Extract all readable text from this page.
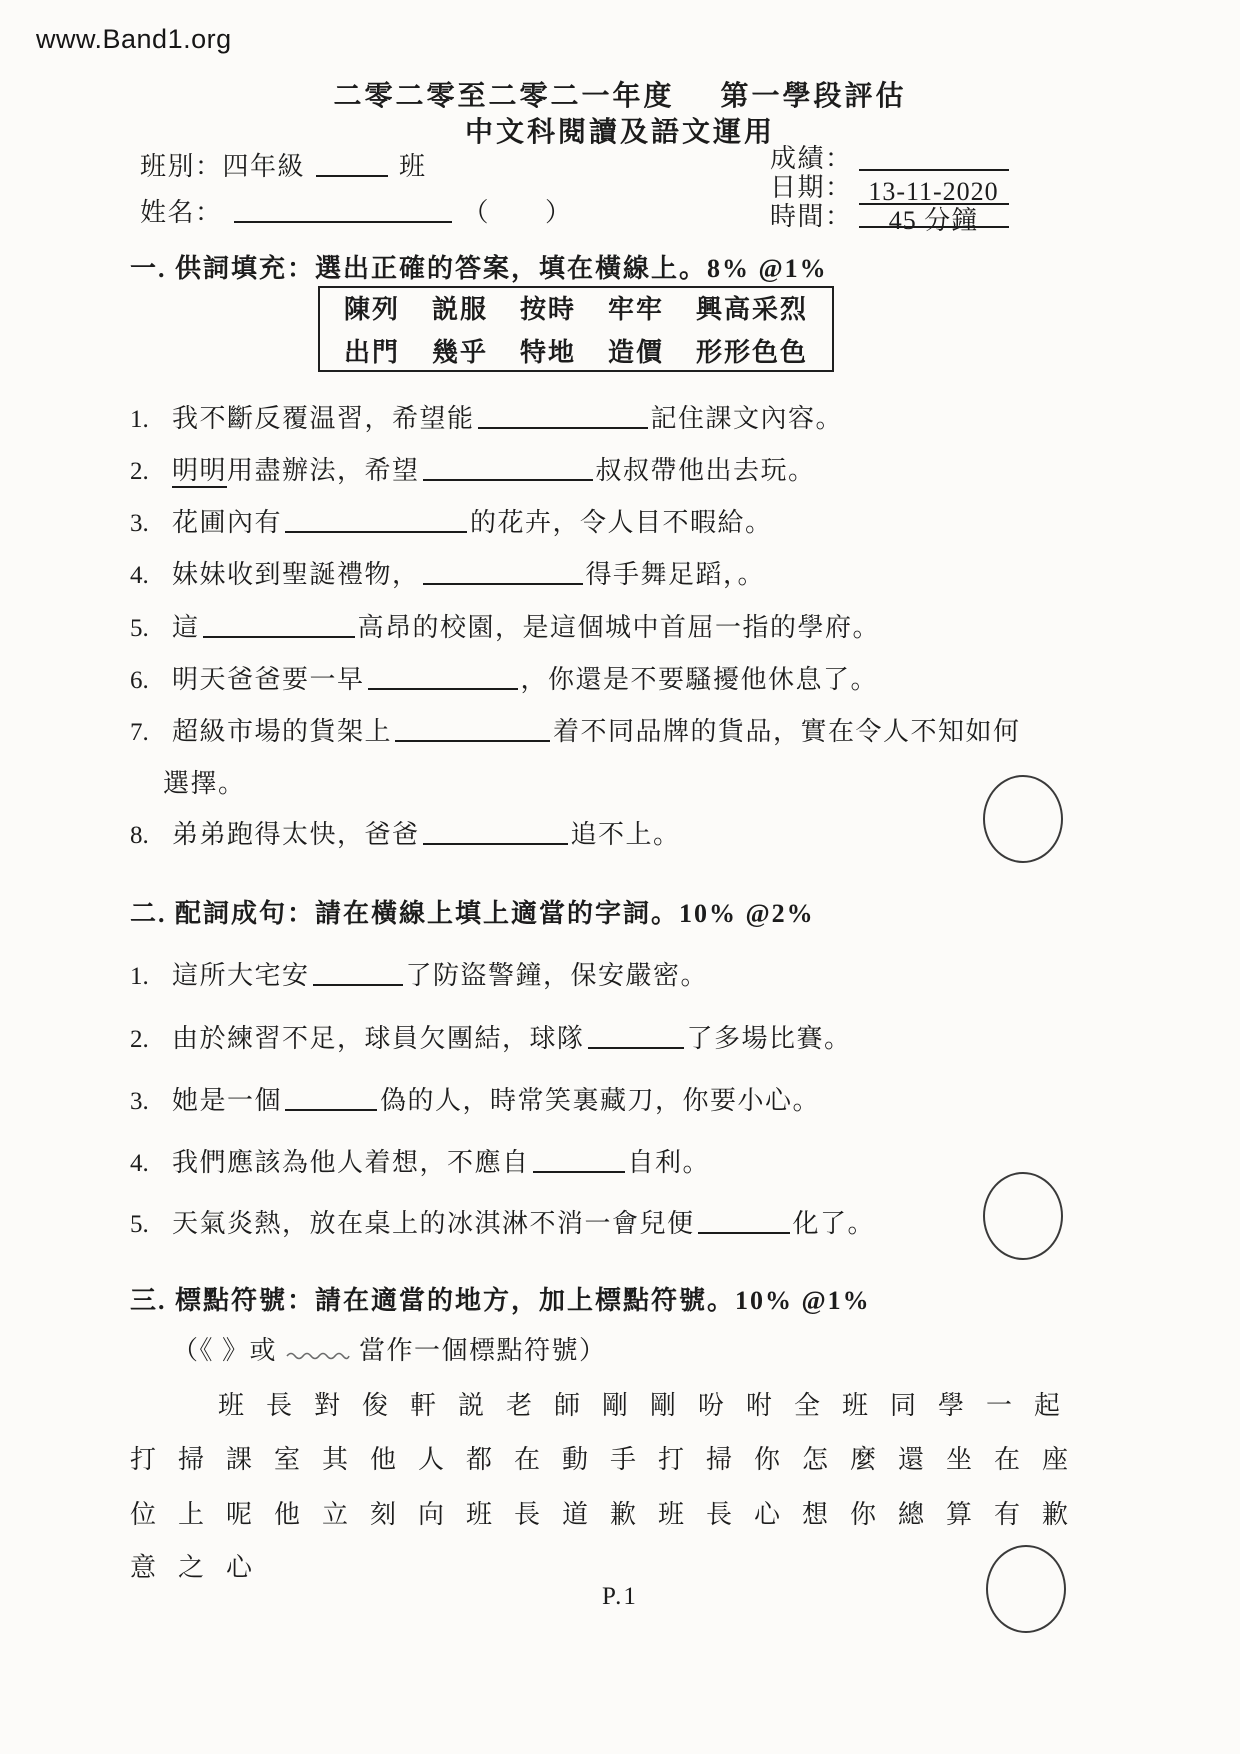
www.Band1.org
二零二零至二零二一年度 第一學段評估
中文科閱讀及語文運用
班別：四年級	班
姓名：	（　　）
成績：
日期： 13-11-2020
時間： 45 分鐘
一. 供詞填充：選出正確的答案，填在橫線上。8% @1%
陳列 説服 按時 牢牢 興高采烈
出門 幾乎 特地 造價 形形色色
1. 我不斷反覆温習，希望能	記住課文內容。
2. 明明用盡辦法，希望	叔叔帶他出去玩。
3. 花圃內有	的花卉，令人目不暇給。
4. 妹妹收到聖誕禮物，	得手舞足蹈，。
5. 這	高昂的校園，是這個城中首屈一指的學府。
6. 明天爸爸要一早	，你還是不要騷擾他休息了。
7. 超級市場的貨架上	着不同品牌的貨品，實在令人不知如何
選擇。
8. 弟弟跑得太快，爸爸	追不上。
二. 配詞成句：請在橫線上填上適當的字詞。10% @2%
1. 這所大宅安	了防盜警鐘，保安嚴密。
2. 由於練習不足，球員欠團結，球隊	了多場比賽。
3. 她是一個	偽的人，時常笑裏藏刀，你要小心。
4. 我們應該為他人着想，不應自	自利。
5. 天氣炎熱，放在桌上的冰淇淋不消一會兒便	化了。
三. 標點符號：請在適當的地方，加上標點符號。10% @1%
（《 》或	當作一個標點符號）
班長對俊軒説老師剛剛吩咐全班同學一起
打掃課室其他人都在動手打掃你怎麼還坐在座
位上呢他立刻向班長道歉班長心想你總算有歉
意之心
P.1
